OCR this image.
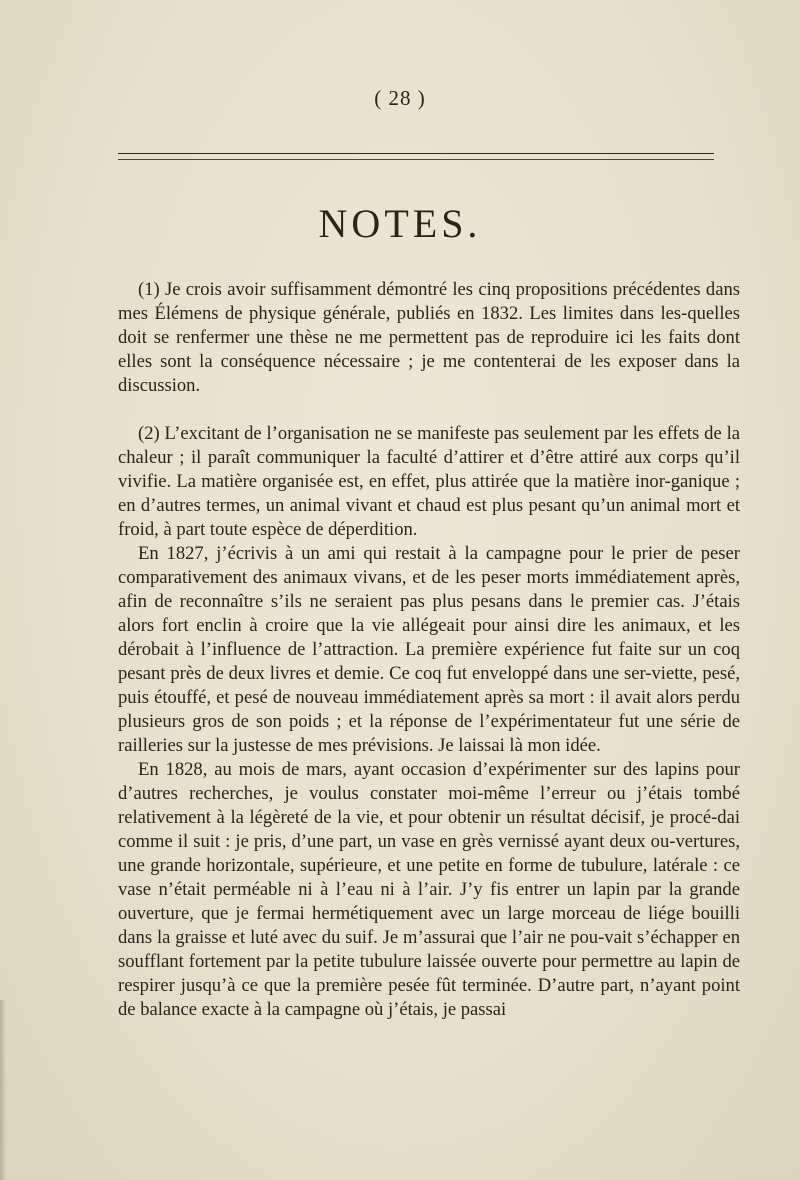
( 28 )
NOTES.

(1) Je crois avoir suffisamment démontré les cinq propositions précédentes dans mes Élémens de physique générale, publiés en 1832. Les limites dans les-quelles doit se renfermer une thèse ne me permettent pas de reproduire ici les faits dont elles sont la conséquence nécessaire ; je me contenterai de les exposer dans la discussion.

(2) L’excitant de l’organisation ne se manifeste pas seulement par les effets de la chaleur ; il paraît communiquer la faculté d’attirer et d’être attiré aux corps qu’il vivifie. La matière organisée est, en effet, plus attirée que la matière inor-ganique ; en d’autres termes, un animal vivant et chaud est plus pesant qu’un animal mort et froid, à part toute espèce de déperdition.

En 1827, j’écrivis à un ami qui restait à la campagne pour le prier de peser comparativement des animaux vivans, et de les peser morts immédiatement après, afin de reconnaître s’ils ne seraient pas plus pesans dans le premier cas. J’étais alors fort enclin à croire que la vie allégeait pour ainsi dire les animaux, et les dérobait à l’influence de l’attraction. La première expérience fut faite sur un coq pesant près de deux livres et demie. Ce coq fut enveloppé dans une ser-viette, pesé, puis étouffé, et pesé de nouveau immédiatement après sa mort : il avait alors perdu plusieurs gros de son poids ; et la réponse de l’expérimentateur fut une série de railleries sur la justesse de mes prévisions. Je laissai là mon idée.

En 1828, au mois de mars, ayant occasion d’expérimenter sur des lapins pour d’autres recherches, je voulus constater moi-même l’erreur ou j’étais tombé relativement à la légèreté de la vie, et pour obtenir un résultat décisif, je procé-dai comme il suit : je pris, d’une part, un vase en grès vernissé ayant deux ou-vertures, une grande horizontale, supérieure, et une petite en forme de tubulure, latérale : ce vase n’était perméable ni à l’eau ni à l’air. J’y fis entrer un lapin par la grande ouverture, que je fermai hermétiquement avec un large morceau de liége bouilli dans la graisse et luté avec du suif. Je m’assurai que l’air ne pou-vait s’échapper en soufflant fortement par la petite tubulure laissée ouverte pour permettre au lapin de respirer jusqu’à ce que la première pesée fût terminée. D’autre part, n’ayant point de balance exacte à la campagne où j’étais, je passai
